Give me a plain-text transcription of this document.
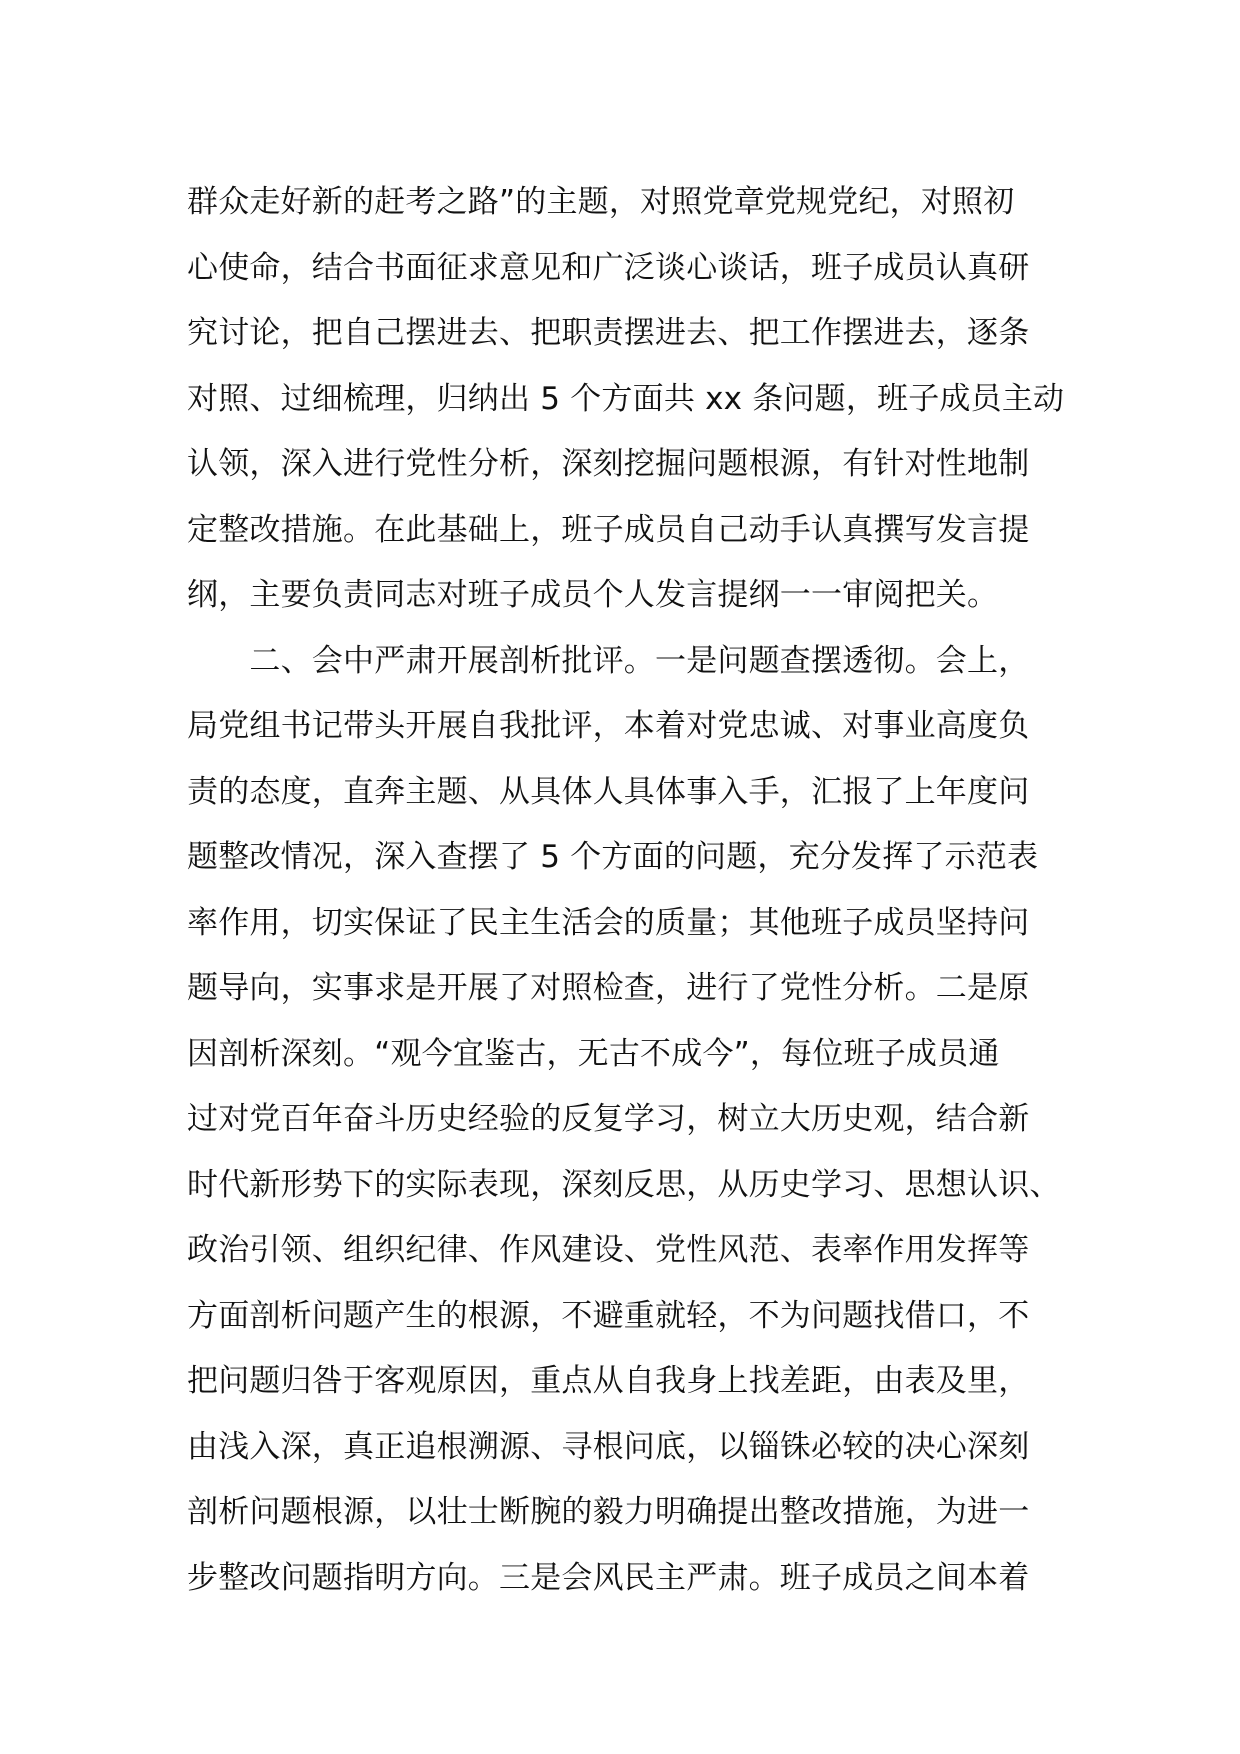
群众走好新的赶考之路”的主题，对照党章党规党纪，对照初
心使命，结合书面征求意见和广泛谈心谈话，班子成员认真研
究讨论，把自己摆进去、把职责摆进去、把工作摆进去，逐条
对照、过细梳理，归纳出 5 个方面共 xx 条问题，班子成员主动
认领，深入进行党性分析，深刻挖掘问题根源，有针对性地制
定整改措施。在此基础上，班子成员自己动手认真撰写发言提
纲，主要负责同志对班子成员个人发言提纲一一审阅把关。
　　二、会中严肃开展剖析批评。一是问题查摆透彻。会上，
局党组书记带头开展自我批评，本着对党忠诚、对事业高度负
责的态度，直奔主题、从具体人具体事入手，汇报了上年度问
题整改情况，深入查摆了 5 个方面的问题，充分发挥了示范表
率作用，切实保证了民主生活会的质量；其他班子成员坚持问
题导向，实事求是开展了对照检查，进行了党性分析。二是原
因剖析深刻。“观今宜鉴古，无古不成今”，每位班子成员通
过对党百年奋斗历史经验的反复学习，树立大历史观，结合新
时代新形势下的实际表现，深刻反思，从历史学习、思想认识、
政治引领、组织纪律、作风建设、党性风范、表率作用发挥等
方面剖析问题产生的根源，不避重就轻，不为问题找借口，不
把问题归咎于客观原因，重点从自我身上找差距，由表及里，
由浅入深，真正追根溯源、寻根问底，以锱铢必较的决心深刻
剖析问题根源，以壮士断腕的毅力明确提出整改措施，为进一
步整改问题指明方向。三是会风民主严肃。班子成员之间本着
